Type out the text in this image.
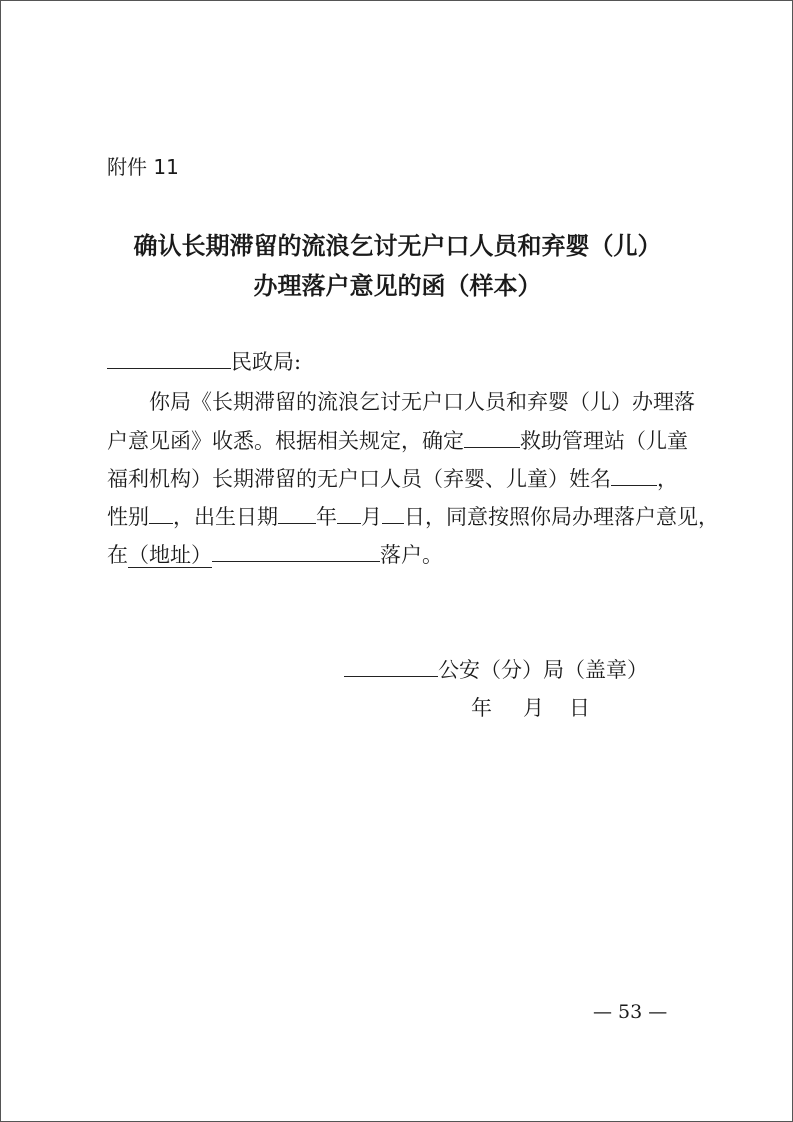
附件 11
确认长期滞留的流浪乞讨无户口人员和弃婴（儿）
办理落户意见的函（样本）
民政局:
你局《长期滞留的流浪乞讨无户口人员和弃婴（儿）办理落
户意见函》收悉。根据相关规定，确定	救助管理站（儿童
福利机构）长期滞留的无户口人员（弃婴、儿童）姓名 ，
性别 ，出生日期 年 月 日，同意按照你局办理落户意见，
在（地址）	落户。
公安（分）局（盖章）
年 月 日
— 53 —
